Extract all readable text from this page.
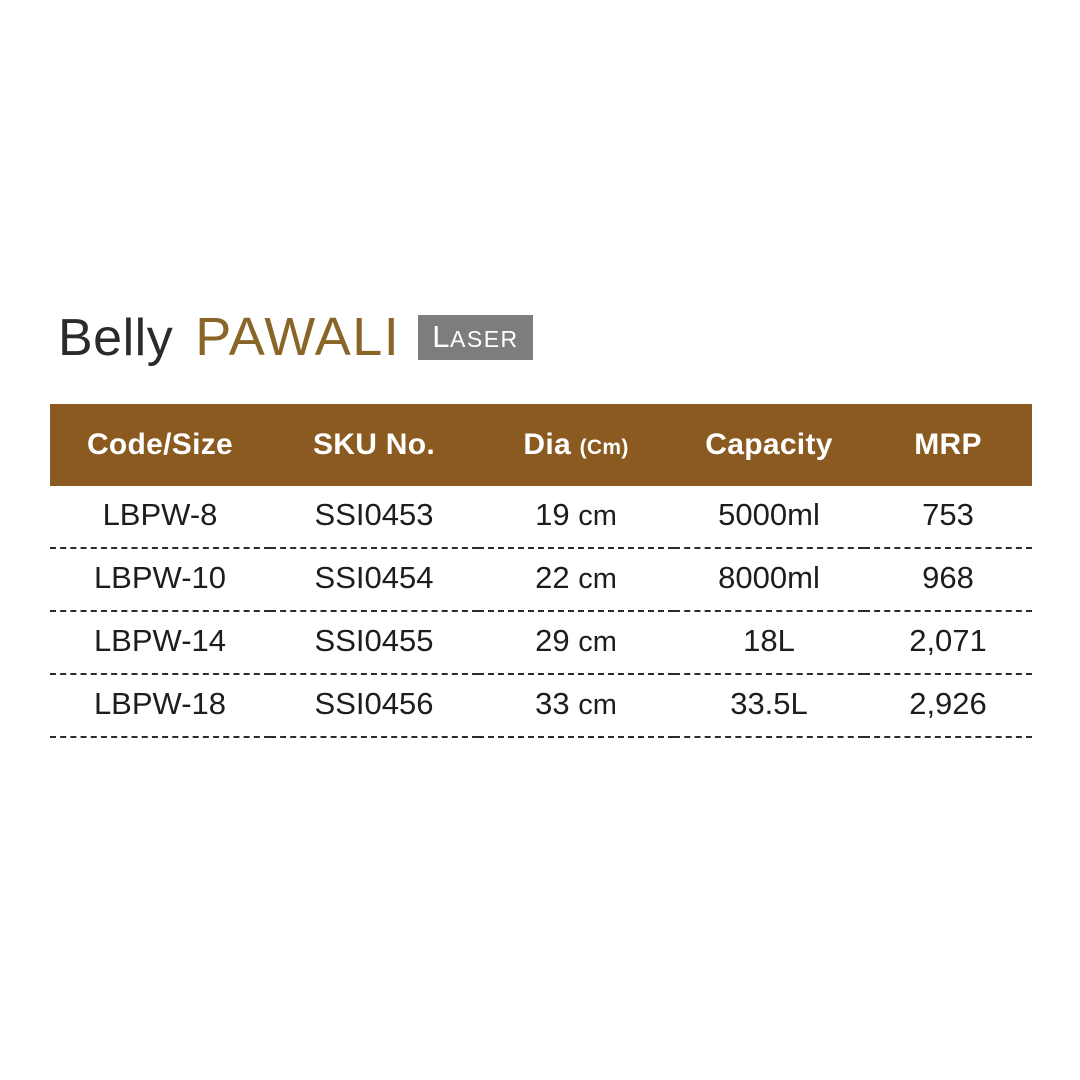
Belly PAWALI	LASER
Code/Size	SKU No.	Dia (Cm)	Capacity	MRP
LBPW-8	SSI0453	19 cm	5000ml	753
LBPW-10	SSI0454	22 cm	8000ml	968
LBPW-14	SSI0455	29 cm	18L	2,071
LBPW-18	SSI0456	33 cm	33.5L	2,926
